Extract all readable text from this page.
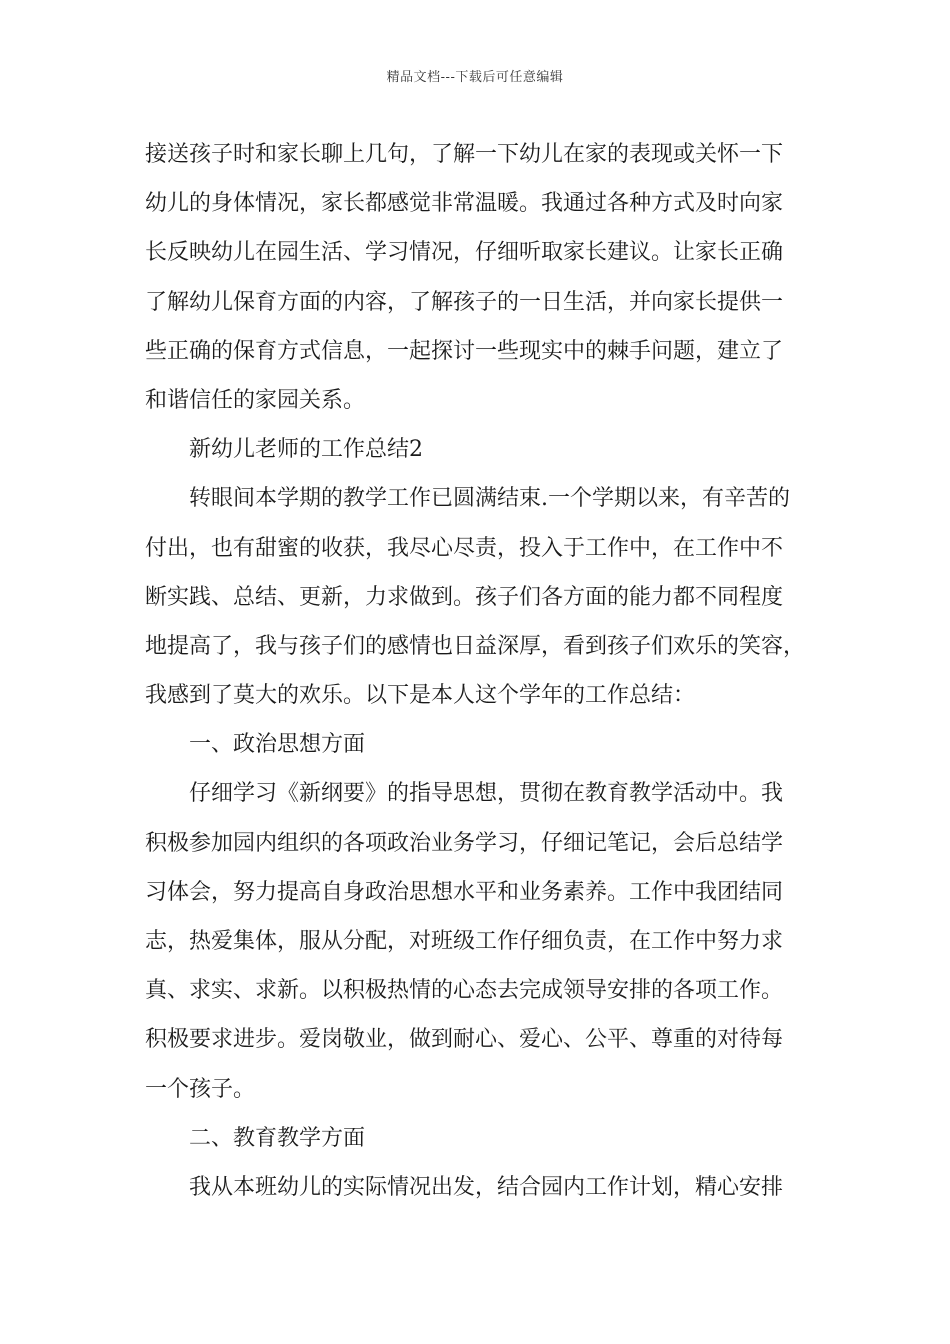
精品文档---下载后可任意编辑
接送孩子时和家长聊上几句，了解一下幼儿在家的表现或关怀一下
幼儿的身体情况，家长都感觉非常温暖。我通过各种方式及时向家
长反映幼儿在园生活、学习情况，仔细听取家长建议。让家长正确
了解幼儿保育方面的内容，了解孩子的一日生活，并向家长提供一
些正确的保育方式信息，一起探讨一些现实中的棘手问题，建立了
和谐信任的家园关系。
新幼儿老师的工作总结2
转眼间本学期的教学工作已圆满结束.一个学期以来，有辛苦的
付出，也有甜蜜的收获，我尽心尽责，投入于工作中，在工作中不
断实践、总结、更新，力求做到。孩子们各方面的能力都不同程度
地提高了，我与孩子们的感情也日益深厚，看到孩子们欢乐的笑容，
我感到了莫大的欢乐。以下是本人这个学年的工作总结：
一、政治思想方面
仔细学习《新纲要》的指导思想，贯彻在教育教学活动中。我
积极参加园内组织的各项政治业务学习，仔细记笔记，会后总结学
习体会，努力提高自身政治思想水平和业务素养。工作中我团结同
志，热爱集体，服从分配，对班级工作仔细负责，在工作中努力求
真、求实、求新。以积极热情的心态去完成领导安排的各项工作。
积极要求进步。爱岗敬业，做到耐心、爱心、公平、尊重的对待每
一个孩子。
二、教育教学方面
我从本班幼儿的实际情况出发，结合园内工作计划，精心安排
